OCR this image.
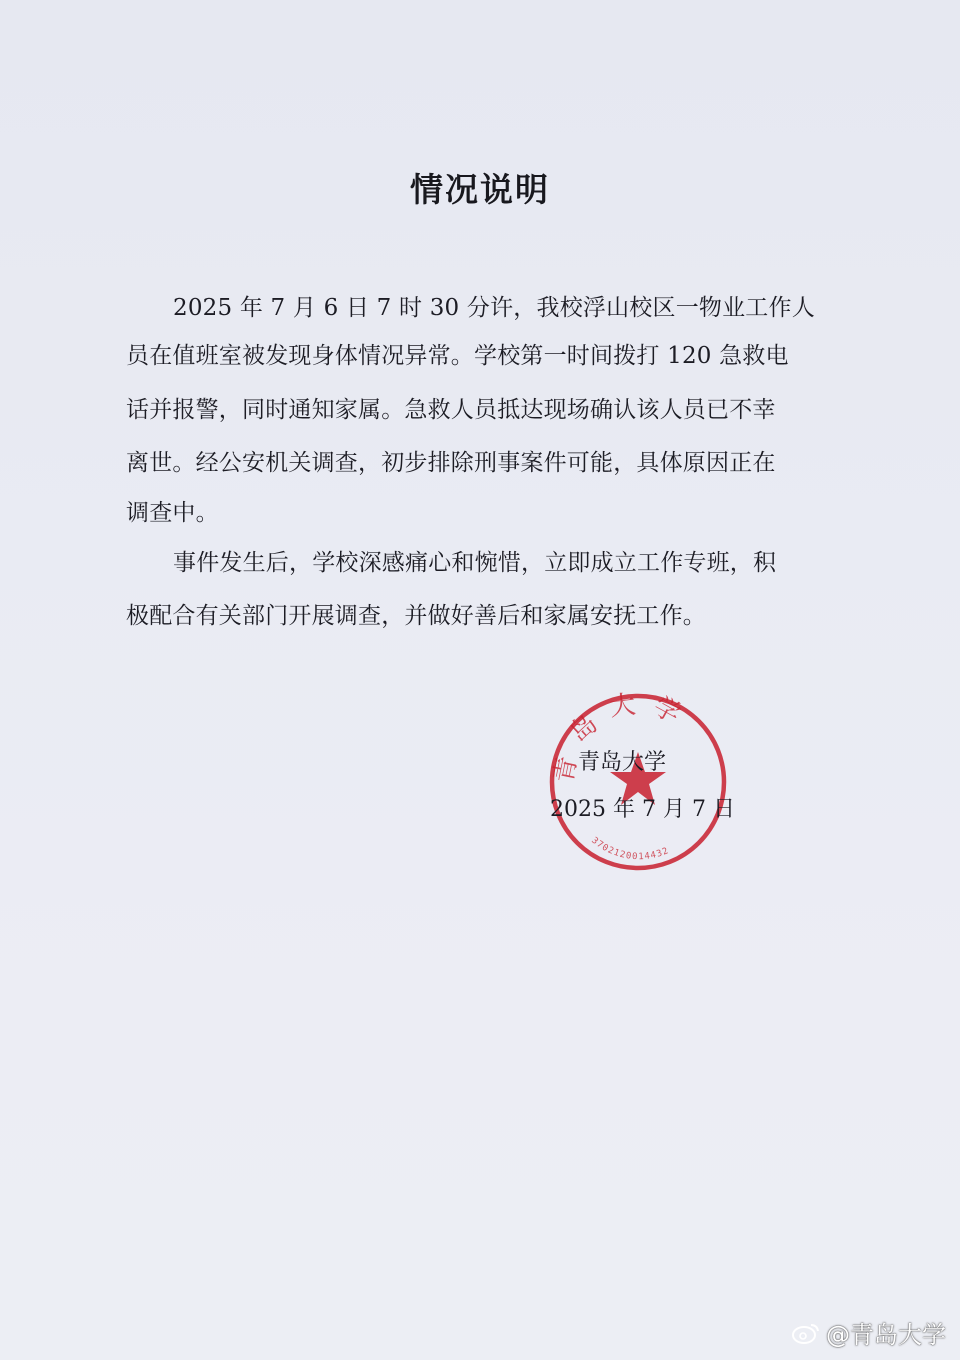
情况说明
2025 年 7 月 6 日 7 时 30 分许，我校浮山校区一物业工作人
员在值班室被发现身体情况异常。学校第一时间拨打 120 急救电
话并报警，同时通知家属。急救人员抵达现场确认该人员已不幸
离世。经公安机关调查，初步排除刑事案件可能，具体原因正在
调查中。
事件发生后，学校深感痛心和惋惜，立即成立工作专班，积
极配合有关部门开展调查，并做好善后和家属安抚工作。
青岛大学
3702120014432
青岛大学
2025 年 7 月 7 日
@青岛大学
